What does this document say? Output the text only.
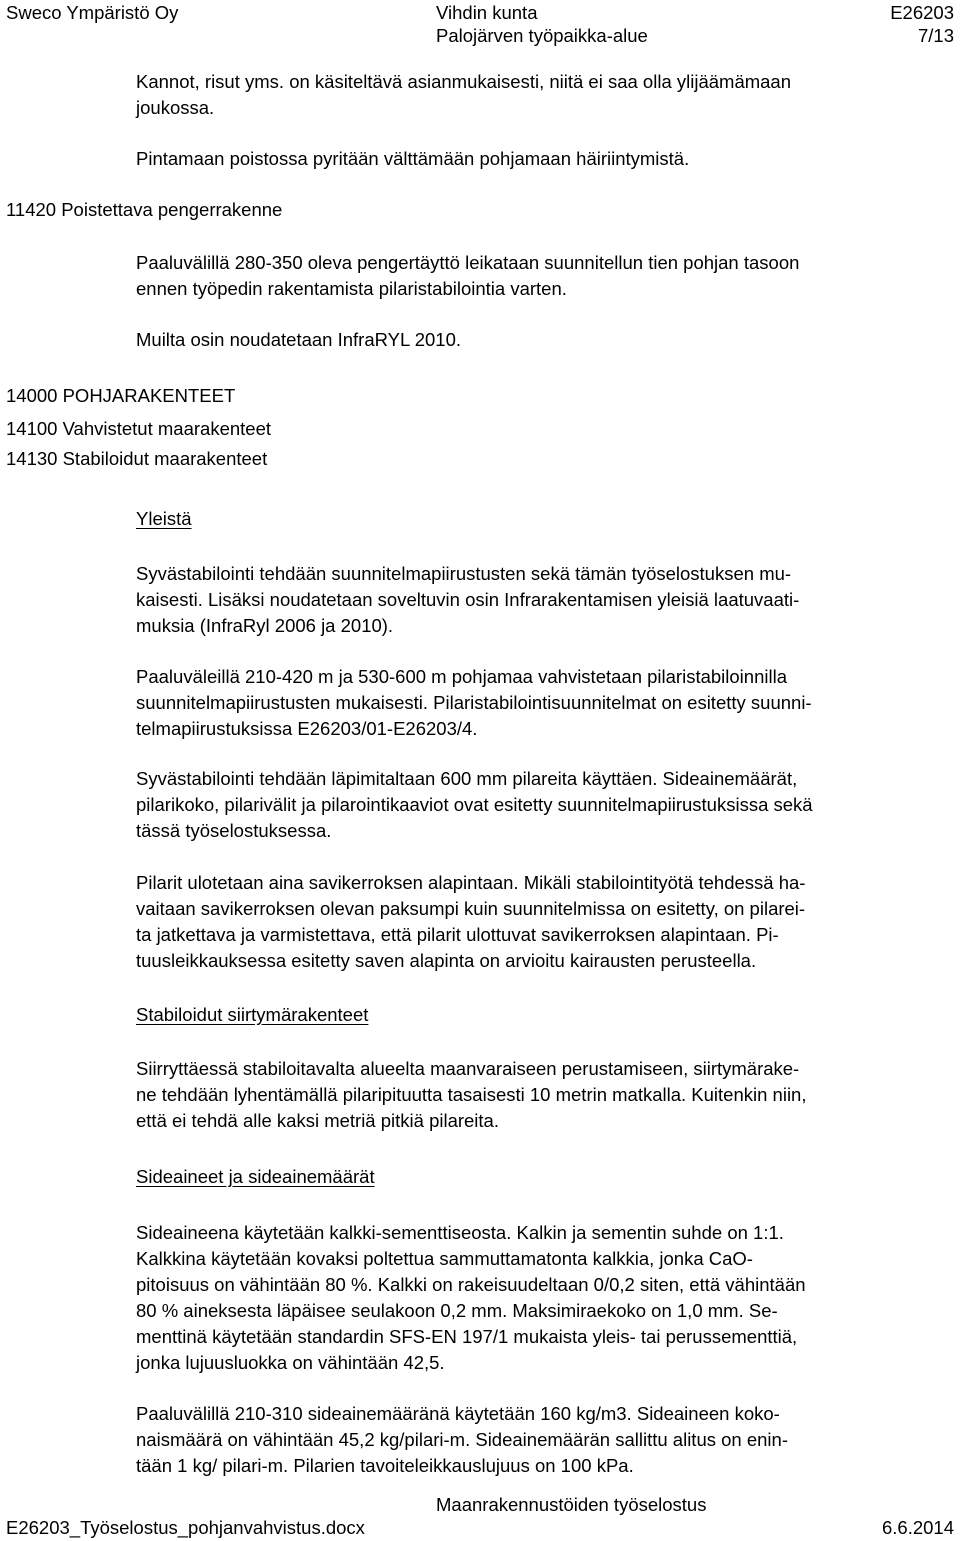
Sweco Ympäristö Oy	Vihdin kunta
Palojärven työpaikka-alue
E26203
7/13
Kannot, risut yms. on käsiteltävä asianmukaisesti, niitä ei saa olla ylijäämämaan
joukossa.
Pintamaan poistossa pyritään välttämään pohjamaan häiriintymistä.
11420 Poistettava pengerrakenne
Paaluvälillä 280-350 oleva pengertäyttö leikataan suunnitellun tien pohjan tasoon
ennen työpedin rakentamista pilaristabilointia varten.
Muilta osin noudatetaan InfraRYL 2010.
14000 POHJARAKENTEET
14100 Vahvistetut maarakenteet
14130 Stabiloidut maarakenteet
Yleistä
Syvästabilointi tehdään suunnitelmapiirustusten sekä tämän työselostuksen mu-
kaisesti. Lisäksi noudatetaan soveltuvin osin Infrarakentamisen yleisiä laatuvaati-
muksia (InfraRyl 2006 ja 2010).
Paaluväleillä 210-420 m ja 530-600 m pohjamaa vahvistetaan pilaristabiloinnilla
suunnitelmapiirustusten mukaisesti. Pilaristabilointisuunnitelmat on esitetty suunni-
telmapiirustuksissa E26203/01-E26203/4.
Syvästabilointi tehdään läpimitaltaan 600 mm pilareita käyttäen. Sideainemäärät,
pilarikoko, pilarivälit ja pilarointikaaviot ovat esitetty suunnitelmapiirustuksissa sekä
tässä työselostuksessa.
Pilarit ulotetaan aina savikerroksen alapintaan. Mikäli stabilointityötä tehdessä ha-
vaitaan savikerroksen olevan paksumpi kuin suunnitelmissa on esitetty, on pilarei-
ta jatkettava ja varmistettava, että pilarit ulottuvat savikerroksen alapintaan. Pi-
tuusleikkauksessa esitetty saven alapinta on arvioitu kairausten perusteella.
Stabiloidut siirtymärakenteet
Siirryttäessä stabiloitavalta alueelta maanvaraiseen perustamiseen, siirtymärake-
ne tehdään lyhentämällä pilaripituutta tasaisesti 10 metrin matkalla. Kuitenkin niin,
että ei tehdä alle kaksi metriä pitkiä pilareita.
Sideaineet ja sideainemäärät
Sideaineena käytetään kalkki-sementtiseosta. Kalkin ja sementin suhde on 1:1.
Kalkkina käytetään kovaksi poltettua sammuttamatonta kalkkia, jonka CaO-
pitoisuus on vähintään 80 %. Kalkki on rakeisuudeltaan 0/0,2 siten, että vähintään
80 % aineksesta läpäisee seulakoon 0,2 mm. Maksimiraekoko on 1,0 mm. Se-
menttinä käytetään standardin SFS-EN 197/1 mukaista yleis- tai perussementtiä,
jonka lujuusluokka on vähintään 42,5.
Paaluvälillä 210-310 sideainemääränä käytetään 160 kg/m3. Sideaineen koko-
naismäärä on vähintään 45,2 kg/pilari-m. Sideainemäärän sallittu alitus on enin-
tään 1 kg/ pilari-m. Pilarien tavoiteleikkauslujuus on 100 kPa.
Maanrakennustöiden työselostus
E26203_Työselostus_pohjanvahvistus.docx	6.6.2014
